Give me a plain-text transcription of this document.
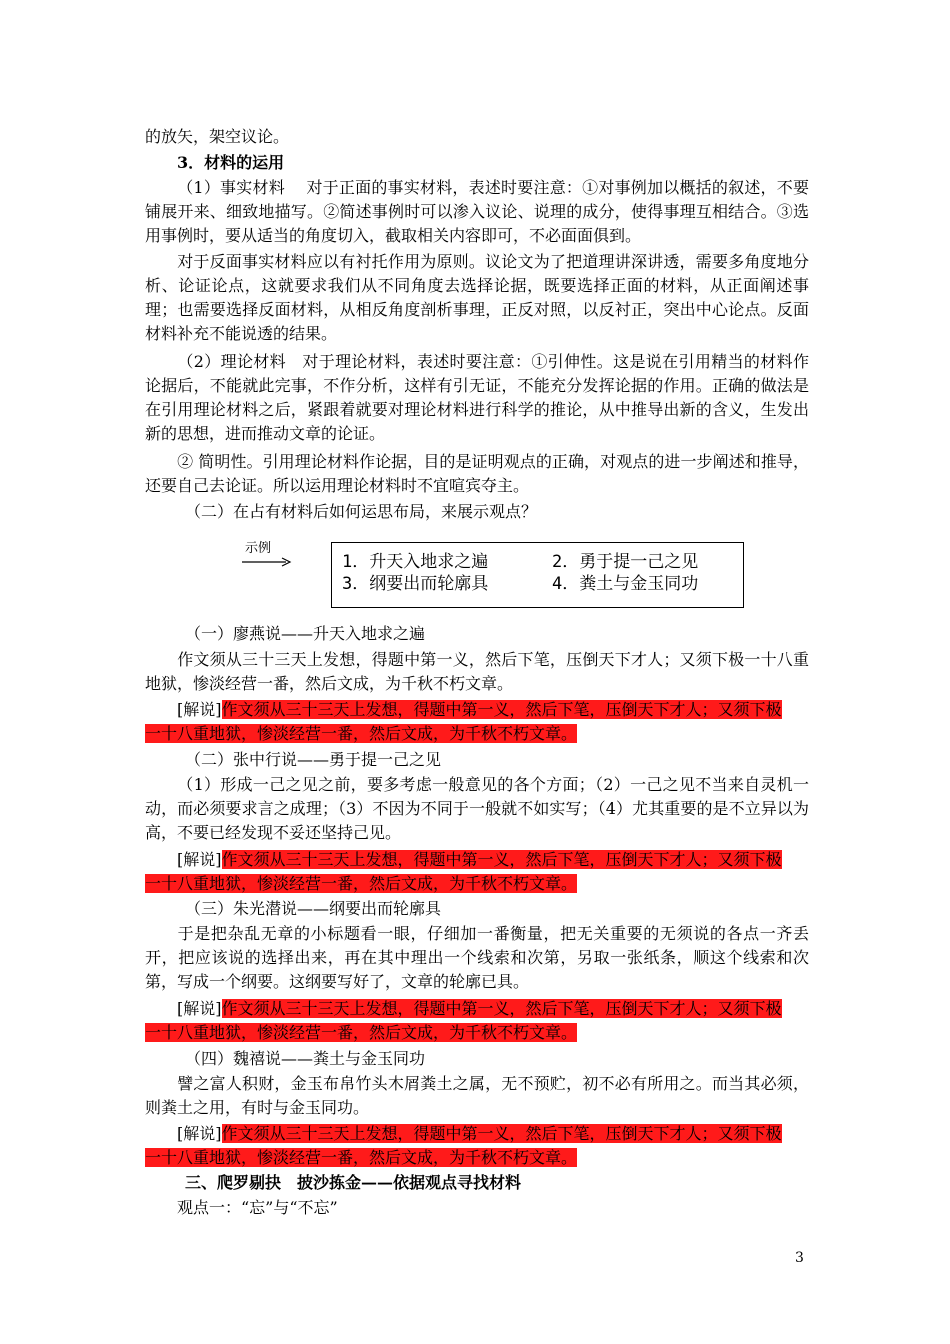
的放矢，架空议论。
3．材料的运用
（1）事实材料　 对于正面的事实材料，表述时要注意：①对事例加以概括的叙述，不要铺展开来、细致地描写。②简述事例时可以渗入议论、说理的成分，使得事理互相结合。③选用事例时，要从适当的角度切入，截取相关内容即可，不必面面俱到。
对于反面事实材料应以有衬托作用为原则。议论文为了把道理讲深讲透，需要多角度地分析、论证论点，这就要求我们从不同角度去选择论据，既要选择正面的材料，从正面阐述事理；也需要选择反面材料，从相反角度剖析事理，正反对照，以反衬正，突出中心论点。反面材料补充不能说透的结果。
（2）理论材料　对于理论材料，表述时要注意：①引伸性。这是说在引用精当的材料作论据后，不能就此完事，不作分析，这样有引无证，不能充分发挥论据的作用。正确的做法是在引用理论材料之后，紧跟着就要对理论材料进行科学的推论，从中推导出新的含义，生发出新的思想，进而推动文章的论证。
② 简明性。引用理论材料作论据，目的是证明观点的正确，对观点的进一步阐述和推导，还要自己去论证。所以运用理论材料时不宜喧宾夺主。
（二）在占有材料后如何运思布局，来展示观点？
示例
1．升天入地求之遍	2．勇于提一己之见
3．纲要出而轮廓具	4．粪土与金玉同功
（一）廖燕说——升天入地求之遍
作文须从三十三天上发想，得题中第一义，然后下笔，压倒天下才人；又须下极一十八重地狱，惨淡经营一番，然后文成，为千秋不朽文章。
[解说]作文须从三十三天上发想，得题中第一义，然后下笔，压倒天下才人；又须下极
一十八重地狱，惨淡经营一番，然后文成，为千秋不朽文章。
（二）张中行说——勇于提一己之见
（1）形成一己之见之前，要多考虑一般意见的各个方面；（2）一己之见不当来自灵机一动，而必须要求言之成理；（3）不因为不同于一般就不如实写；（4）尤其重要的是不立异以为高，不要已经发现不妥还坚持己见。
[解说]作文须从三十三天上发想，得题中第一义，然后下笔，压倒天下才人；又须下极
一十八重地狱，惨淡经营一番，然后文成，为千秋不朽文章。
（三）朱光潜说——纲要出而轮廓具
于是把杂乱无章的小标题看一眼，仔细加一番衡量，把无关重要的无须说的各点一齐丢开，把应该说的选择出来，再在其中理出一个线索和次第，另取一张纸条，顺这个线索和次第，写成一个纲要。这纲要写好了，文章的轮廓已具。
[解说]作文须从三十三天上发想，得题中第一义，然后下笔，压倒天下才人；又须下极
一十八重地狱，惨淡经营一番，然后文成，为千秋不朽文章。
（四）魏禧说——粪土与金玉同功
譬之富人积财，金玉布帛竹头木屑粪土之属，无不预贮，初不必有所用之。而当其必须，则粪土之用，有时与金玉同功。
[解说]作文须从三十三天上发想，得题中第一义，然后下笔，压倒天下才人；又须下极
一十八重地狱，惨淡经营一番，然后文成，为千秋不朽文章。
三、爬罗剔抉　披沙拣金——依据观点寻找材料
观点一：“忘”与“不忘”
3
